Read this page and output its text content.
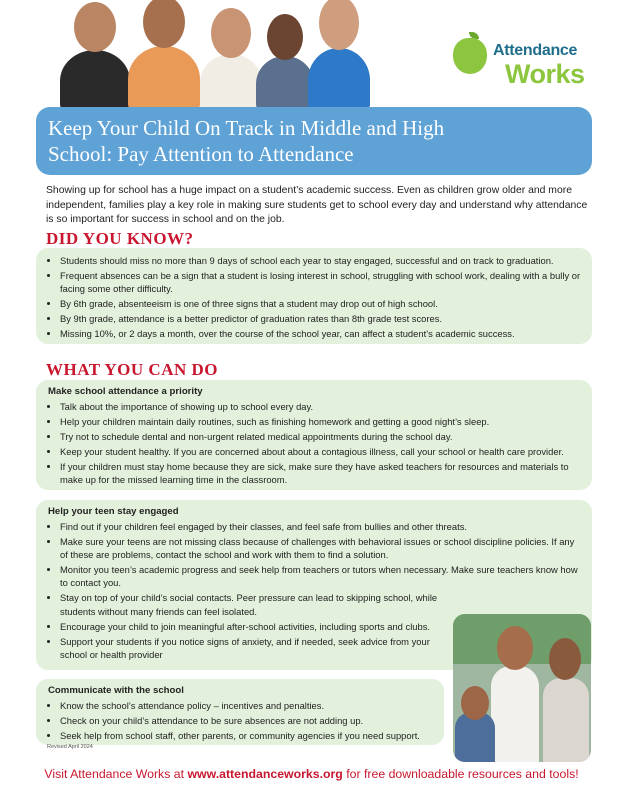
Attendance
Works
Keep Your Child On Track in Middle and High
School: Pay Attention to Attendance
Showing up for school has a huge impact on a student’s academic success. Even as children grow older and more independent, families play a key role in making sure students get to school every day and understand why attendance is so important for success in school and on the job.
DID YOU KNOW?
• Students should miss no more than 9 days of school each year to stay engaged, successful and on track to graduation.
• Frequent absences can be a sign that a student is losing interest in school, struggling with school work, dealing with a bully or facing some other difficulty.
• By 6th grade, absenteeism is one of three signs that a student may drop out of high school.
• By 9th grade, attendance is a better predictor of graduation rates than 8th grade test scores.
• Missing 10%, or 2 days a month, over the course of the school year, can affect a student’s academic success.
WHAT YOU CAN DO
Make school attendance a priority
• Talk about the importance of showing up to school every day.
• Help your children maintain daily routines, such as finishing homework and getting a good night’s sleep.
• Try not to schedule dental and non-urgent related medical appointments during the school day.
• Keep your student healthy. If you are concerned about about a contagious illness, call your school or health care provider.
• If your children must stay home because they are sick, make sure they have asked teachers for resources and materials to make up for the missed learning time in the classroom.
Help your teen stay engaged
• Find out if your children feel engaged by their classes, and feel safe from bullies and other threats.
• Make sure your teens are not missing class because of challenges with behavioral issues or school discipline policies. If any of these are problems, contact the school and work with them to find a solution.
• Monitor you teen’s academic progress and seek help from teachers or tutors when necessary. Make sure teachers know how to contact you.
• Stay on top of your child’s social contacts. Peer pressure can lead to skipping school, while students without many friends can feel isolated.
• Encourage your child to join meaningful after-school activities, including sports and clubs.
• Support your students if you notice signs of anxiety, and if needed, seek advice from your school or health provider
Communicate with the school
• Know the school’s attendance policy – incentives and penalties.
• Check on your child’s attendance to be sure absences are not adding up.
• Seek help from school staff, other parents, or community agencies if you need support.
Revised April 2024
Visit Attendance Works at www.attendanceworks.org for free downloadable resources and tools!
